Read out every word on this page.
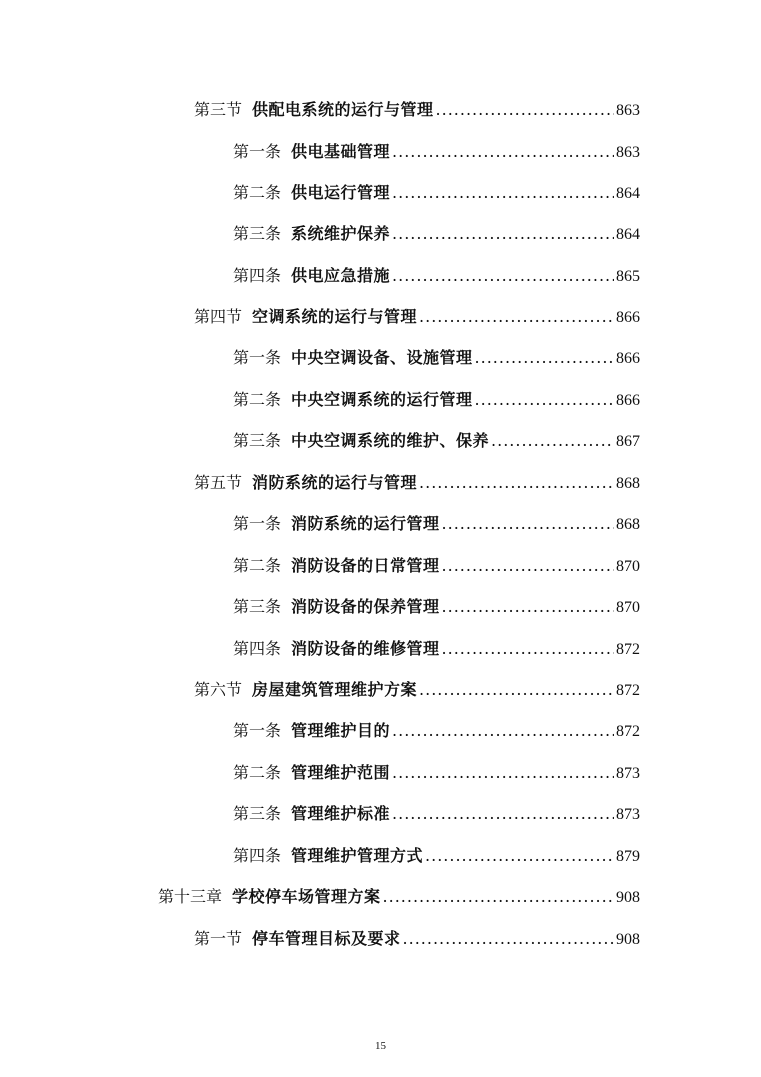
第三节 供配电系统的运行与管理 .....	863
第一条 供电基础管理 .....	863
第二条 供电运行管理 .....	864
第三条 系统维护保养 .....	864
第四条 供电应急措施 .....	865
第四节 空调系统的运行与管理 .....	866
第一条 中央空调设备、设施管理 .....	866
第二条 中央空调系统的运行管理 .....	866
第三条 中央空调系统的维护、保养 .....	867
第五节 消防系统的运行与管理 .....	868
第一条 消防系统的运行管理 .....	868
第二条 消防设备的日常管理 .....	870
第三条 消防设备的保养管理 .....	870
第四条 消防设备的维修管理 .....	872
第六节 房屋建筑管理维护方案 .....	872
第一条 管理维护目的 .....	872
第二条 管理维护范围 .....	873
第三条 管理维护标准 .....	873
第四条 管理维护管理方式 .....	879
第十三章 学校停车场管理方案 .....	908
第一节 停车管理目标及要求 .....	908
15
